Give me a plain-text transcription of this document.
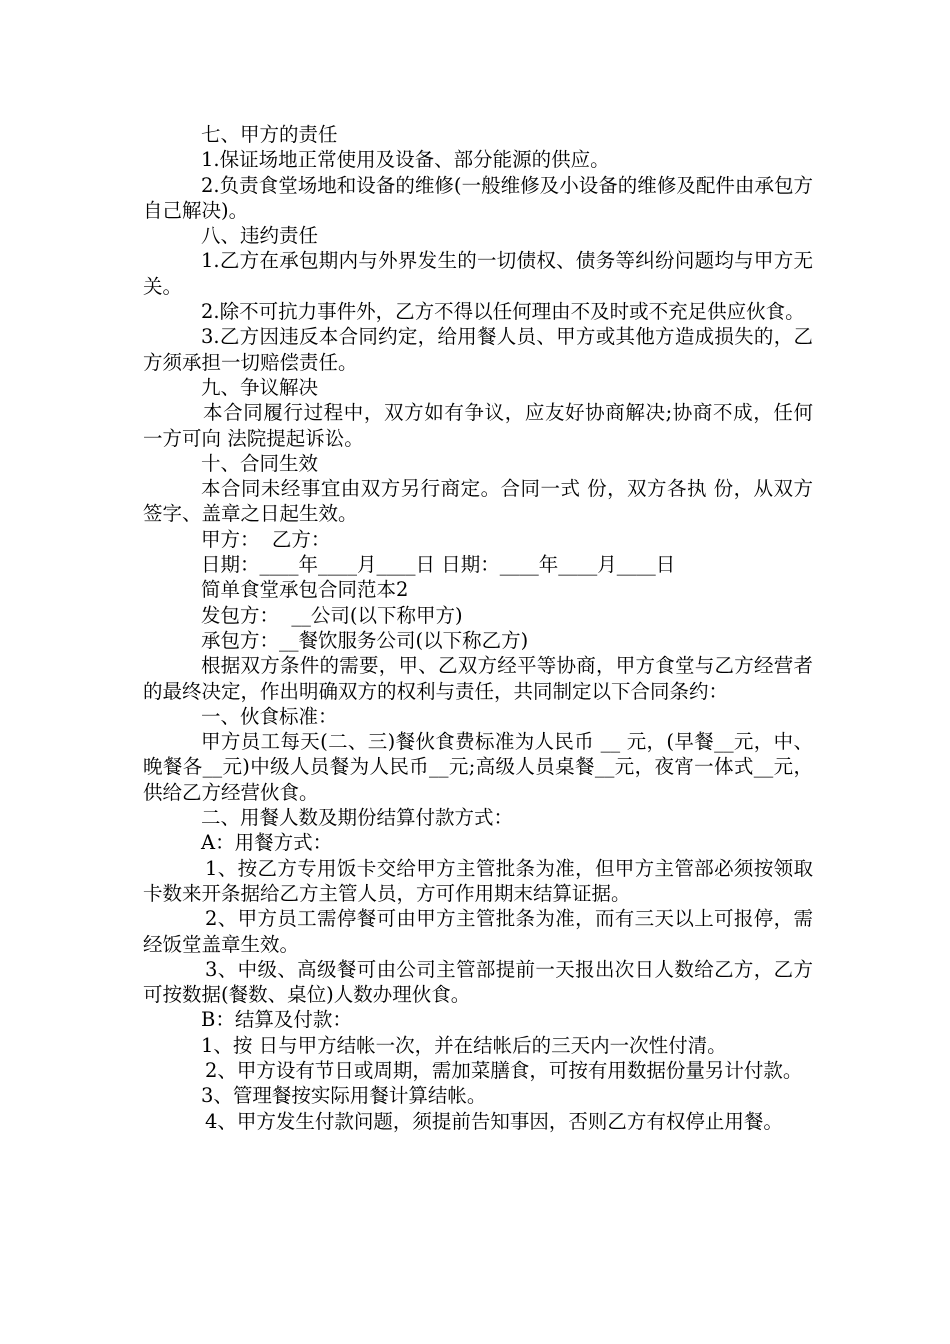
七、甲方的责任

1.保证场地正常使用及设备、部分能源的供应。

2.负责食堂场地和设备的维修(一般维修及小设备的维修及配件由承包方自己解决)。

八、违约责任

1.乙方在承包期内与外界发生的一切债权、债务等纠纷问题均与甲方无关。

2.除不可抗力事件外，乙方不得以任何理由不及时或不充足供应伙食。

3.乙方因违反本合同约定，给用餐人员、甲方或其他方造成损失的，乙方须承担一切赔偿责任。

九、争议解决

本合同履行过程中，双方如有争议，应友好协商解决;协商不成，任何一方可向 法院提起诉讼。

十、合同生效

本合同未经事宜由双方另行商定。合同一式 份，双方各执 份，从双方签字、盖章之日起生效。

甲方：  乙方：

日期：____年____月____日 日期：____年____月____日

简单食堂承包合同范本2

发包方：  __公司(以下称甲方)

承包方：__餐饮服务公司(以下称乙方)

根据双方条件的需要，甲、乙双方经平等协商，甲方食堂与乙方经营者的最终决定，作出明确双方的权利与责任，共同制定以下合同条约：

一、伙食标准：

甲方员工每天(二、三)餐伙食费标准为人民币 __ 元，(早餐__元，中、晚餐各__元)中级人员餐为人民币__元;高级人员桌餐__元，夜宵一体式__元，供给乙方经营伙食。

二、用餐人数及期份结算付款方式：

A：用餐方式：

1、按乙方专用饭卡交给甲方主管批条为准，但甲方主管部必须按领取卡数来开条据给乙方主管人员，方可作用期末结算证据。

2、甲方员工需停餐可由甲方主管批条为准，而有三天以上可报停，需经饭堂盖章生效。

3、中级、高级餐可由公司主管部提前一天报出次日人数给乙方，乙方可按数据(餐数、桌位)人数办理伙食。

B：结算及付款：

1、按 日与甲方结帐一次，并在结帐后的三天内一次性付清。

2、甲方设有节日或周期，需加菜膳食，可按有用数据份量另计付款。

3、管理餐按实际用餐计算结帐。

4、甲方发生付款问题，须提前告知事因，否则乙方有权停止用餐。
